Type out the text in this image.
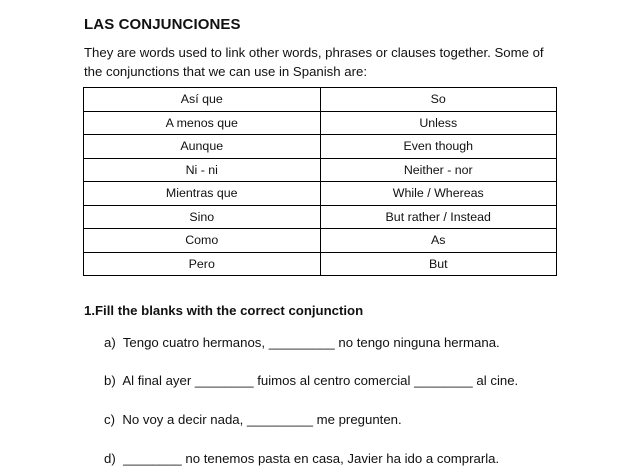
LAS CONJUNCIONES
They are words used to link other words, phrases or clauses together. Some of the conjunctions that we can use in Spanish are:
Así que	So
A menos que	Unless
Aunque	Even though
Ni - ni	Neither - nor
Mientras que	While / Whereas
Sino	But rather / Instead
Como	As
Pero	But
1.Fill the blanks with the correct conjunction
a) Tengo cuatro hermanos, _________ no tengo ninguna hermana.
b) Al final ayer ________ fuimos al centro comercial ________ al cine.
c) No voy a decir nada, _________ me pregunten.
d) ________ no tenemos pasta en casa, Javier ha ido a comprarla.
